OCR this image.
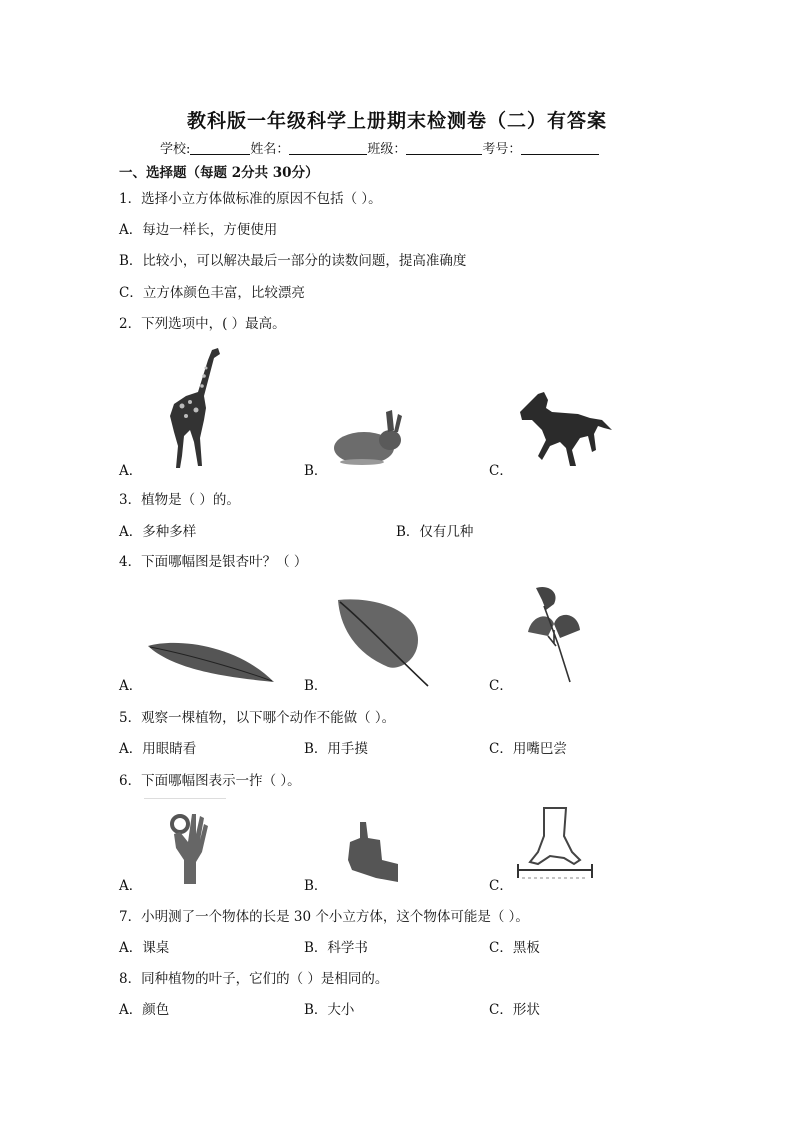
教科版一年级科学上册期末检测卷（二）有答案
学校:	姓名：	班级：	考号：
一、选择题（每题 2分共 30分）
1．选择小立方体做标准的原因不包括（ ）。
A．每边一样长，方便使用
B．比较小，可以解决最后一部分的读数问题，提高准确度
C．立方体颜色丰富，比较漂亮
2．下列选项中，( ）最高。
A．	B．	C．
3．植物是（ ）的。
A．多种多样	B．仅有几种
4．下面哪幅图是银杏叶？（ ）
A．	B．	C．
5．观察一棵植物，以下哪个动作不能做（ ）。
A．用眼睛看	B．用手摸	C．用嘴巴尝
6．下面哪幅图表示一拃（ ）。
A．	B．	C．
7．小明测了一个物体的长是 30 个小立方体，这个物体可能是（ ）。
A．课桌	B．科学书	C．黑板
8．同种植物的叶子，它们的（ ）是相同的。
A．颜色	B．大小	C．形状
